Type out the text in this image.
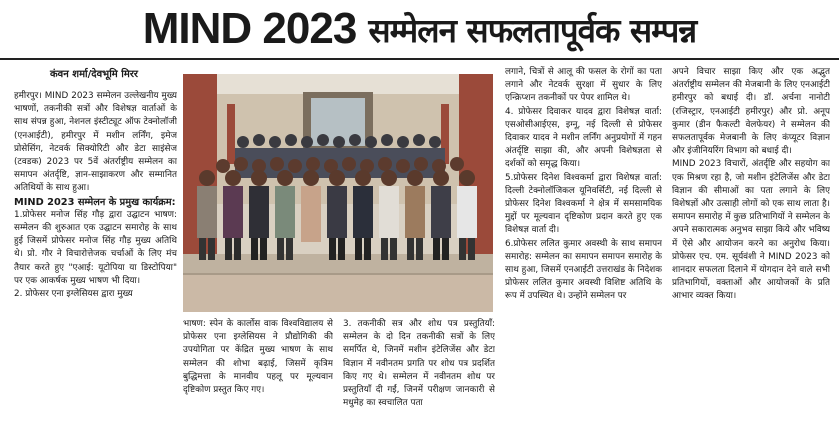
MIND 2023 सम्मेलन सफलतापूर्वक सम्पन्न
कंवन शर्मा/देवभूमि मिरर

हमीरपुर। MIND 2023 सम्मेलन उल्लेखनीय मुख्य भाषणों, तकनीकी सत्रों और विशेषज्ञ वार्ताओं के साथ संपन्न हुआ, नेशनल इंस्टीट्यूट ऑफ टेक्नोलॉजी (एनआईटी), हमीरपुर में मशीन लर्निंग, इमेज प्रोसेसिंग, नेटवर्क सिक्योरिटी और डेटा साइंसेज (टवडक) 2023 पर 5वें अंतर्राष्ट्रीय सम्मेलन का समापन अंतर्दृष्टि, ज्ञान-साझाकरण और सम्मानित अतिथियों के साथ हुआ।

MIND 2023 सम्मेलन के प्रमुख कार्यक्रम:

1.प्रोफेसर मनोज सिंह गौड़ द्वारा उद्घाटन भाषण: सम्मेलन की शुरुआत एक उद्घाटन समारोह के साथ हुई जिसमें प्रोफेसर मनोज सिंह गौड़ मुख्य अतिथि थे। प्रो. गौर ने विचारोत्तेजक चर्चाओं के लिए मंच तैयार करते हुए "एआई: यूटोपिया या डिस्टोपिया" पर एक आकर्षक मुख्य भाषण भी दिया।

2. प्रोफेसर एना इग्लेसियस द्वारा मुख्य

भाषण: स्पेन के कार्लोस वाक विश्वविद्यालय से प्रोफेसर एना इग्लेसियस ने प्रौद्योगिकी की उपयोगिता पर केंद्रित मुख्य भाषण के साथ सम्मेलन की शोभा बढ़ाई, जिसमें कृत्रिम बुद्धिमत्ता के मानवीय पहलू पर मूल्यवान दृष्टिकोण प्रस्तुत किए गए।

3. तकनीकी सत्र और शोध पत्र प्रस्तुतियाँ: सम्मेलन के दो दिन तकनीकी सत्रों के लिए समर्पित थे, जिनमें मशीन इंटेलिजेंस और डेटा विज्ञान में नवीनतम प्रगति पर शोध पत्र प्रदर्शित किए गए थे। सम्मेलन में नवीनतम शोध पर प्रस्तुतियाँ दी गईं, जिनमें परीक्षण जानकारी से मधुमेह का स्वचालित पता

लगाने, चित्रों से आलू की फसल के रोगों का पता लगाने और नेटवर्क सुरक्षा में सुधार के लिए एन्क्रिप्शन तकनीकों पर पेपर शामिल थे।

4. प्रोफेसर दिवाकर यादव द्वारा विशेषज्ञ वार्ता: एसओसीआईएस, इग्नू, नई दिल्ली से प्रोफेसर दिवाकर यादव ने मशीन लर्निंग अनुप्रयोगों में गहन अंतर्दृष्टि साझा की, और अपनी विशेषज्ञता से दर्शकों को समृद्ध किया।

5.प्रोफेसर दिनेश विश्वकर्मा द्वारा विशेषज्ञ वार्ता: दिल्ली टेक्नोलॉजिकल यूनिवर्सिटी, नई दिल्ली से प्रोफेसर दिनेश विश्वकर्मा ने क्षेत्र में समसामयिक मुद्दों पर मूल्यवान दृष्टिकोण प्रदान करते हुए एक विशेषज्ञ वार्ता दी।

6.प्रोफेसर ललित कुमार अवस्थी के साथ समापन समारोह: सम्मेलन का समापन समापन समारोह के साथ हुआ, जिसमें एनआईटी उत्तराखंड के निदेशक प्रोफेसर ललित कुमार अवस्थी विशिष्ट अतिथि के रूप में उपस्थित थे। उन्होंने सम्मेलन पर

अपने विचार साझा किए और एक अद्भुत अंतर्राष्ट्रीय सम्मेलन की मेजबानी के लिए एनआईटी हमीरपुर को बधाई दी। डॉ. अर्चना नानोटी (रजिस्ट्रार, एनआईटी हमीरपुर) और प्रो. अनूप कुमार (डीन फैकल्टी वेलफेयर) ने सम्मेलन की सफलतापूर्वक मेजबानी के लिए कंप्यूटर विज्ञान और इंजीनियरिंग विभाग को बधाई दी।

MIND 2023 विचारों, अंतर्दृष्टि और सहयोग का एक मिश्रण रहा है, जो मशीन इंटेलिजेंस और डेटा विज्ञान की सीमाओं का पता लगाने के लिए विशेषज्ञों और उत्साही लोगों को एक साथ लाता है। समापन समारोह में कुछ प्रतिभागियों ने सम्मेलन के अपने सकारात्मक अनुभव साझा किये और भविष्य में ऐसे और आयोजन करने का अनुरोध किया। प्रोफेसर एच. एम. सूर्यवंशी ने MIND 2023 को शानदार सफलता दिलाने में योगदान देने वाले सभी प्रतिभागियों, वक्ताओं और आयोजकों के प्रति आभार व्यक्त किया।
